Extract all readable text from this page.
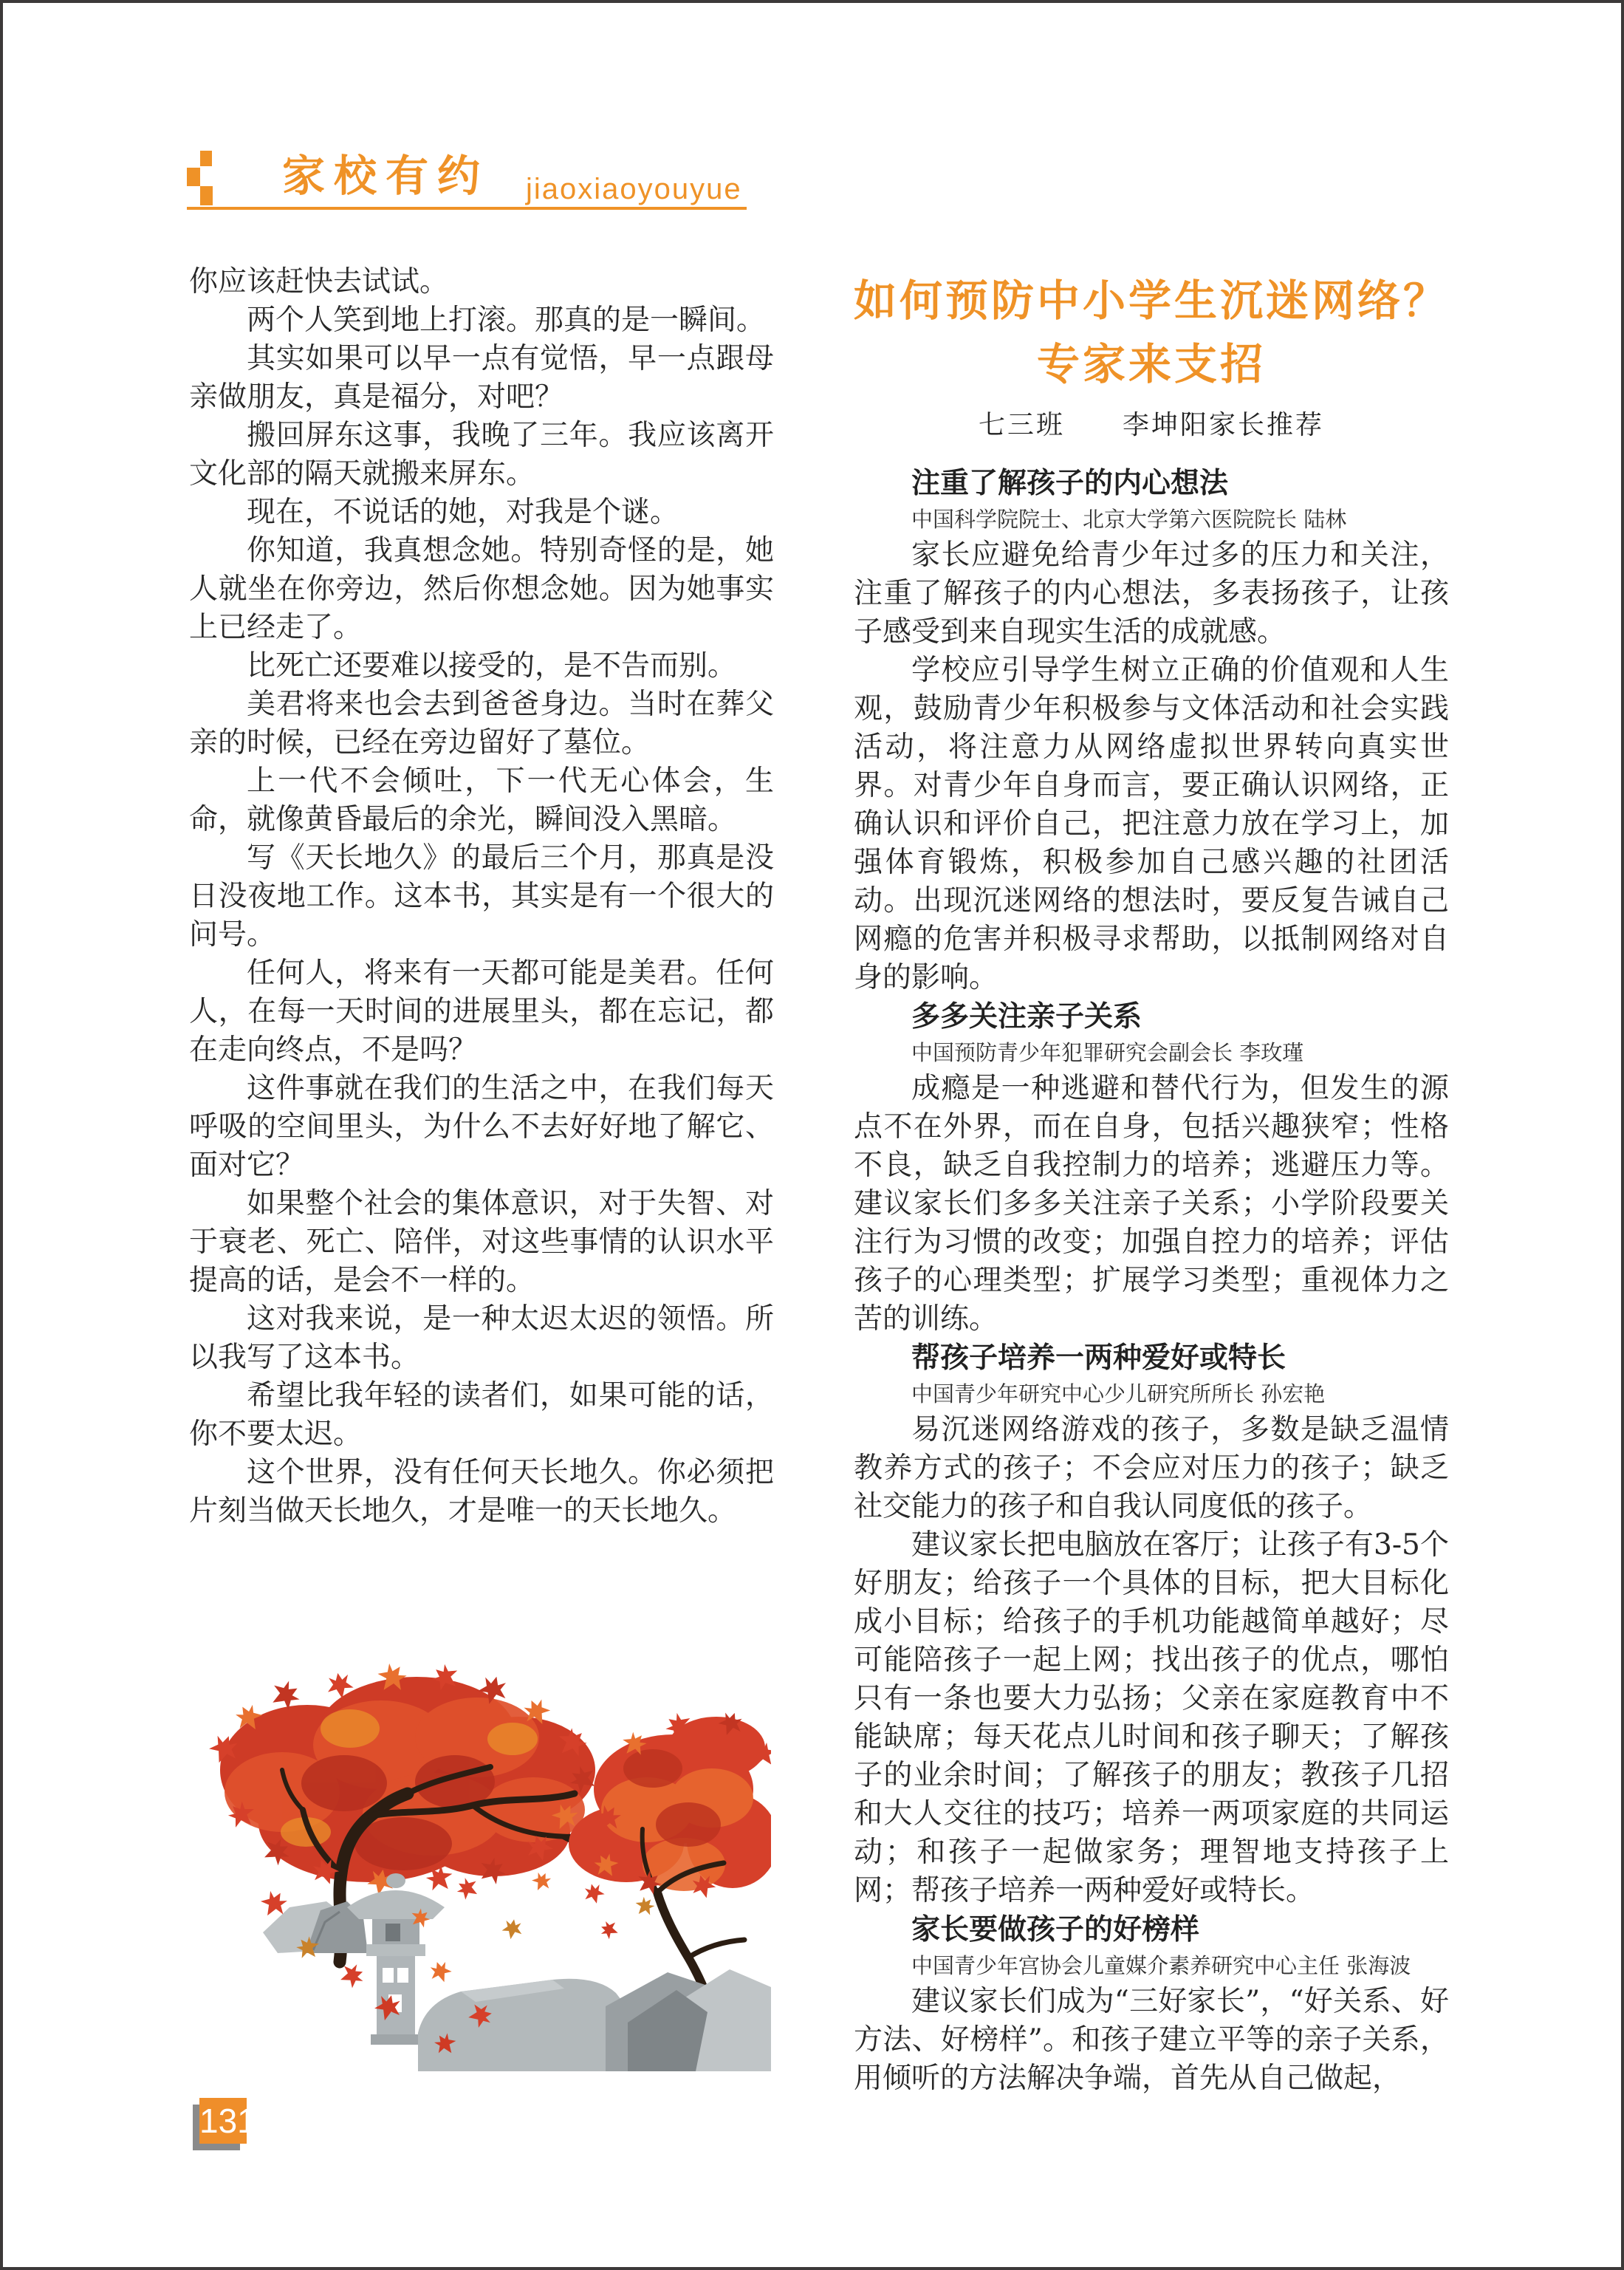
家校有约 jiaoxiaoyouyue

你应该赶快去试试。

两个人笑到地上打滚。那真的是一瞬间。

其实如果可以早一点有觉悟，早一点跟母亲做朋友，真是福分，对吧？

搬回屏东这事，我晚了三年。我应该离开文化部的隔天就搬来屏东。

现在，不说话的她，对我是个谜。

你知道，我真想念她。特别奇怪的是，她人就坐在你旁边，然后你想念她。因为她事实上已经走了。

比死亡还要难以接受的，是不告而别。

美君将来也会去到爸爸身边。当时在葬父亲的时候，已经在旁边留好了墓位。

上一代不会倾吐，下一代无心体会，生命，就像黄昏最后的余光，瞬间没入黑暗。

写《天长地久》的最后三个月，那真是没日没夜地工作。这本书，其实是有一个很大的问号。

任何人，将来有一天都可能是美君。任何人，在每一天时间的进展里头，都在忘记，都在走向终点，不是吗？

这件事就在我们的生活之中，在我们每天呼吸的空间里头，为什么不去好好地了解它、面对它？

如果整个社会的集体意识，对于失智、对于衰老、死亡、陪伴，对这些事情的认识水平提高的话，是会不一样的。

这对我来说，是一种太迟太迟的领悟。所以我写了这本书。

希望比我年轻的读者们，如果可能的话，你不要太迟。

这个世界，没有任何天长地久。你必须把片刻当做天长地久，才是唯一的天长地久。

如何预防中小学生沉迷网络？
专家来支招

七三班　　李坤阳家长推荐

注重了解孩子的内心想法

中国科学院院士、北京大学第六医院院长 陆林

家长应避免给青少年过多的压力和关注，注重了解孩子的内心想法，多表扬孩子，让孩子感受到来自现实生活的成就感。

学校应引导学生树立正确的价值观和人生观，鼓励青少年积极参与文体活动和社会实践活动，将注意力从网络虚拟世界转向真实世界。对青少年自身而言，要正确认识网络，正确认识和评价自己，把注意力放在学习上，加强体育锻炼，积极参加自己感兴趣的社团活动。出现沉迷网络的想法时，要反复告诫自己网瘾的危害并积极寻求帮助，以抵制网络对自身的影响。

多多关注亲子关系

中国预防青少年犯罪研究会副会长 李玫瑾

成瘾是一种逃避和替代行为，但发生的源点不在外界，而在自身，包括兴趣狭窄；性格不良，缺乏自我控制力的培养；逃避压力等。建议家长们多多关注亲子关系；小学阶段要关注行为习惯的改变；加强自控力的培养；评估孩子的心理类型；扩展学习类型；重视体力之苦的训练。

帮孩子培养一两种爱好或特长

中国青少年研究中心少儿研究所所长 孙宏艳

易沉迷网络游戏的孩子，多数是缺乏温情教养方式的孩子；不会应对压力的孩子；缺乏社交能力的孩子和自我认同度低的孩子。

建议家长把电脑放在客厅；让孩子有3-5个好朋友；给孩子一个具体的目标，把大目标化成小目标；给孩子的手机功能越简单越好；尽可能陪孩子一起上网；找出孩子的优点，哪怕只有一条也要大力弘扬；父亲在家庭教育中不能缺席；每天花点儿时间和孩子聊天；了解孩子的业余时间；了解孩子的朋友；教孩子几招和大人交往的技巧；培养一两项家庭的共同运动；和孩子一起做家务；理智地支持孩子上网；帮孩子培养一两种爱好或特长。

家长要做孩子的好榜样

中国青少年宫协会儿童媒介素养研究中心主任 张海波

建议家长们成为“三好家长”，“好关系、好方法、好榜样”。和孩子建立平等的亲子关系，用倾听的方法解决争端，首先从自己做起，

131
